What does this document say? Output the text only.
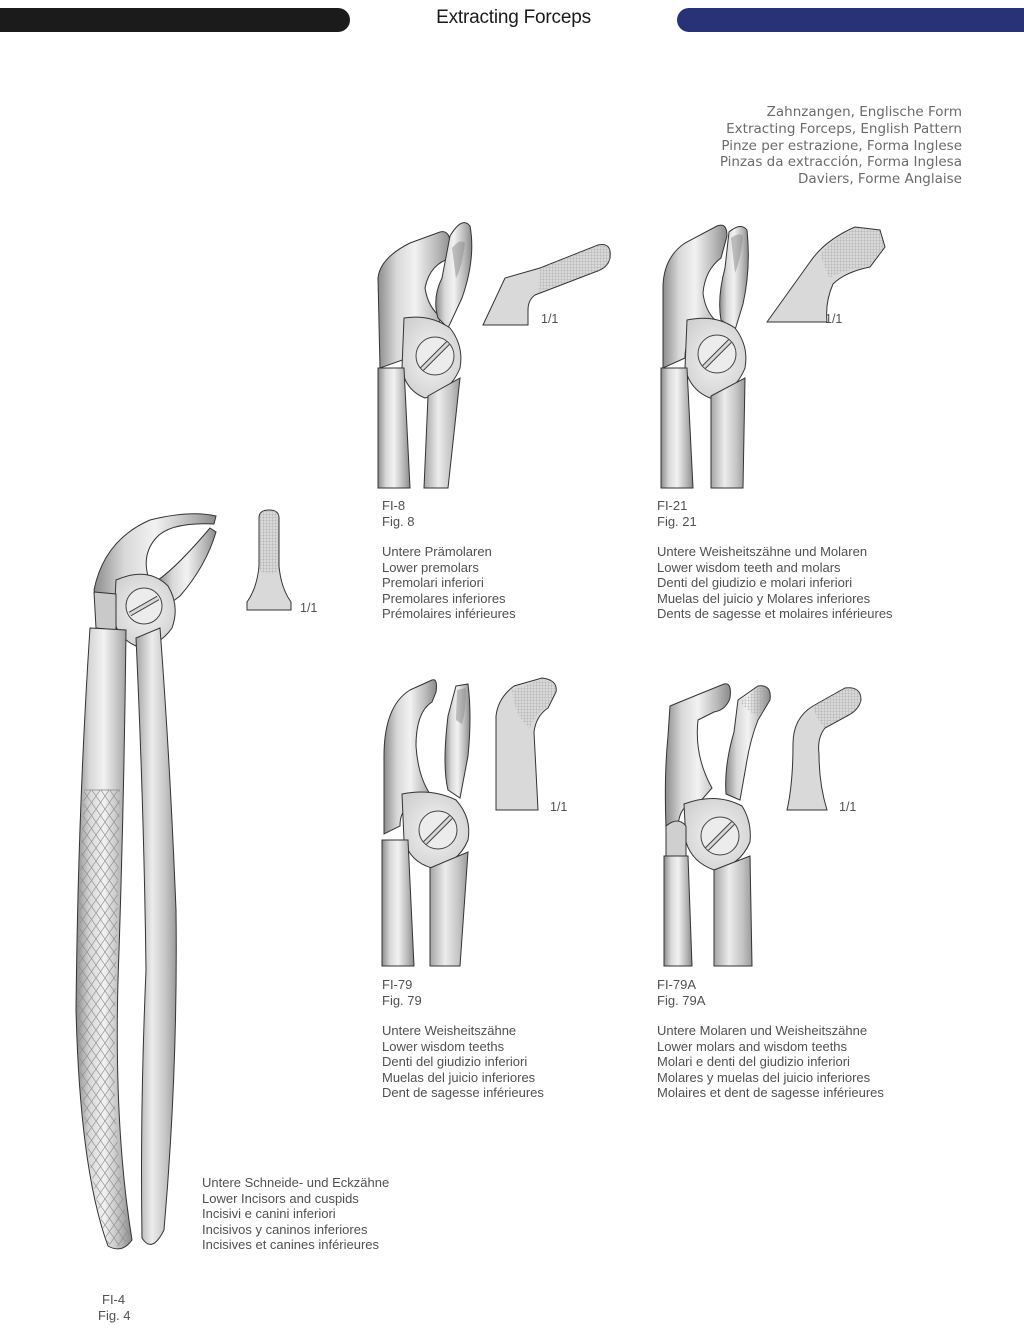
Extracting Forceps
Zahnzangen, Englische Form
Extracting Forceps, English Pattern
Pinze per estrazione, Forma Inglese
Pinzas da extracción, Forma Inglesa
Daviers, Forme Anglaise
1/1
FI-8
Fig. 8
Untere Prämolaren
Lower premolars
Premolari inferiori
Premolares inferiores
Prémolaires inférieures
1/1
FI-21
Fig. 21
Untere Weisheitszähne und Molaren
Lower wisdom teeth and molars
Denti del giudizio e molari inferiori
Muelas del juicio y Molares inferiores
Dents de sagesse et molaires inférieures
1/1
FI-79
Fig. 79
Untere Weisheitszähne
Lower wisdom teeths
Denti del giudizio inferiori
Muelas del juicio inferiores
Dent de sagesse inférieures
1/1
FI-79A
Fig. 79A
Untere Molaren und Weisheitszähne
Lower molars and wisdom teeths
Molari e denti del giudizio inferiori
Molares y muelas del juicio inferiores
Molaires et dent de sagesse inférieures
1/1
Untere Schneide- und Eckzähne
Lower Incisors and cuspids
Incisivi e canini inferiori
Incisivos y caninos inferiores
Incisives et canines inférieures
FI-4
Fig. 4
